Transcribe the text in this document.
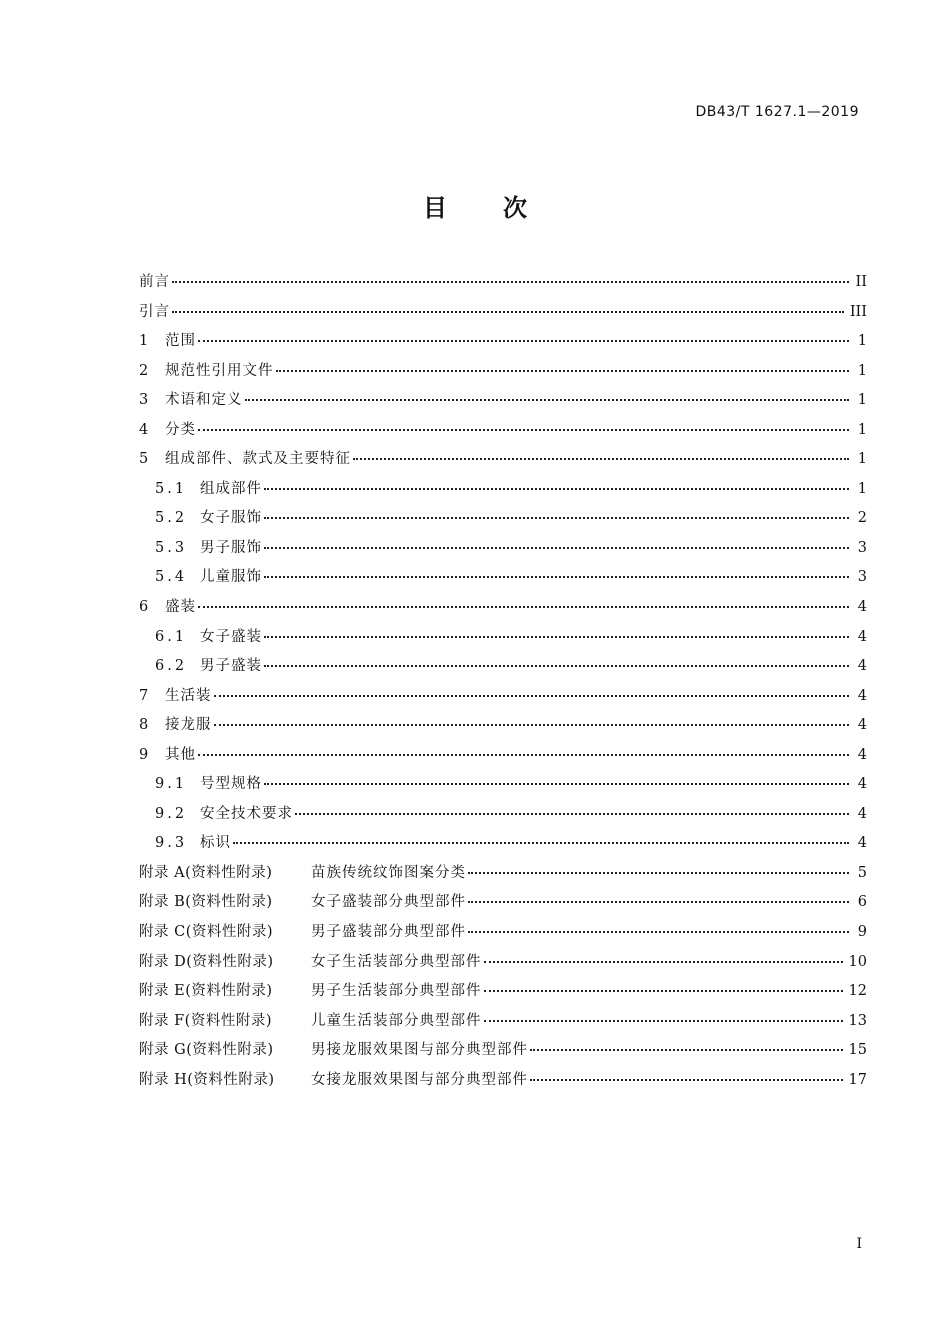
DB43/T 1627.1—2019
目 次
前言	II
引言	III
1	范围	1
2	规范性引用文件	1
3	术语和定义	1
4	分类	1
5	组成部件、款式及主要特征	1
5.1 组成部件	1
5.2 女子服饰	2
5.3 男子服饰	3
5.4 儿童服饰	3
6	盛装	4
6.1 女子盛装	4
6.2 男子盛装	4
7	生活装	4
8	接龙服	4
9	其他	4
9.1 号型规格	4
9.2 安全技术要求	4
9.3 标识	4
附录 A(资料性附录)	苗族传统纹饰图案分类	5
附录 B(资料性附录)	女子盛装部分典型部件	6
附录 C(资料性附录)	男子盛装部分典型部件	9
附录 D(资料性附录)	女子生活装部分典型部件	10
附录 E(资料性附录)	男子生活装部分典型部件	12
附录 F(资料性附录)	儿童生活装部分典型部件	13
附录 G(资料性附录)	男接龙服效果图与部分典型部件	15
附录 H(资料性附录)	女接龙服效果图与部分典型部件	17
I
